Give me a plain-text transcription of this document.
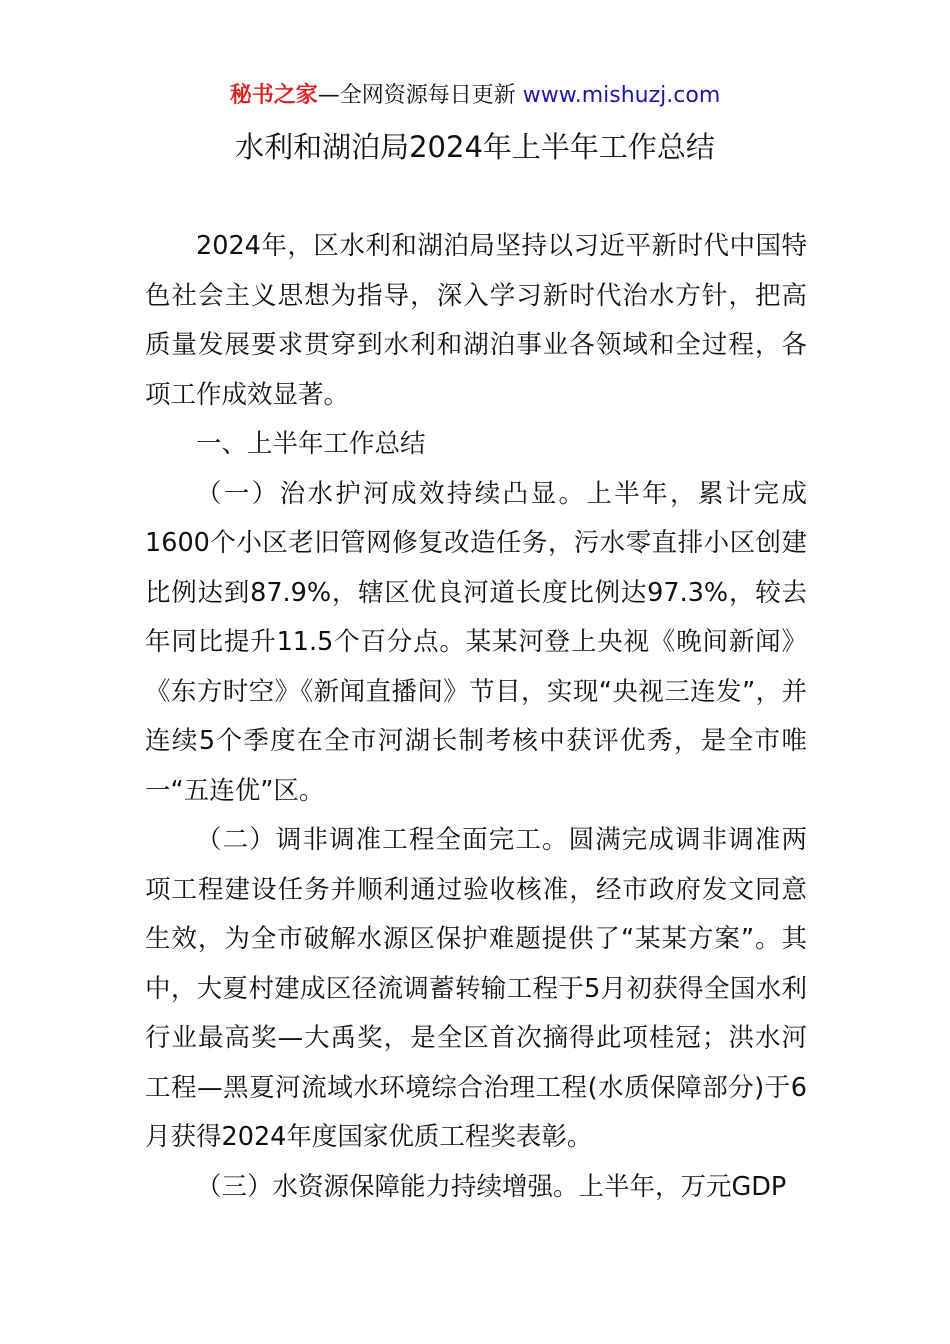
秘书之家—全网资源每日更新 www.mishuzj.com
水利和湖泊局2024年上半年工作总结

2024年，区水利和湖泊局坚持以习近平新时代中国特色社会主义思想为指导，深入学习新时代治水方针，把高质量发展要求贯穿到水利和湖泊事业各领域和全过程，各项工作成效显著。

一、上半年工作总结

（一）治水护河成效持续凸显。上半年，累计完成1600个小区老旧管网修复改造任务，污水零直排小区创建比例达到87.9%，辖区优良河道长度比例达97.3%，较去年同比提升11.5个百分点。某某河登上央视《晚间新闻》《东方时空》《新闻直播间》节目，实现“央视三连发”，并连续5个季度在全市河湖长制考核中获评优秀，是全市唯一“五连优”区。

（二）调非调准工程全面完工。圆满完成调非调准两项工程建设任务并顺利通过验收核准，经市政府发文同意生效，为全市破解水源区保护难题提供了“某某方案”。其中，大夏村建成区径流调蓄转输工程于5月初获得全国水利行业最高奖—大禹奖，是全区首次摘得此项桂冠；洪水河工程—黑夏河流域水环境综合治理工程(水质保障部分)于6月获得2024年度国家优质工程奖表彰。

（三）水资源保障能力持续增强。上半年，万元GDP
